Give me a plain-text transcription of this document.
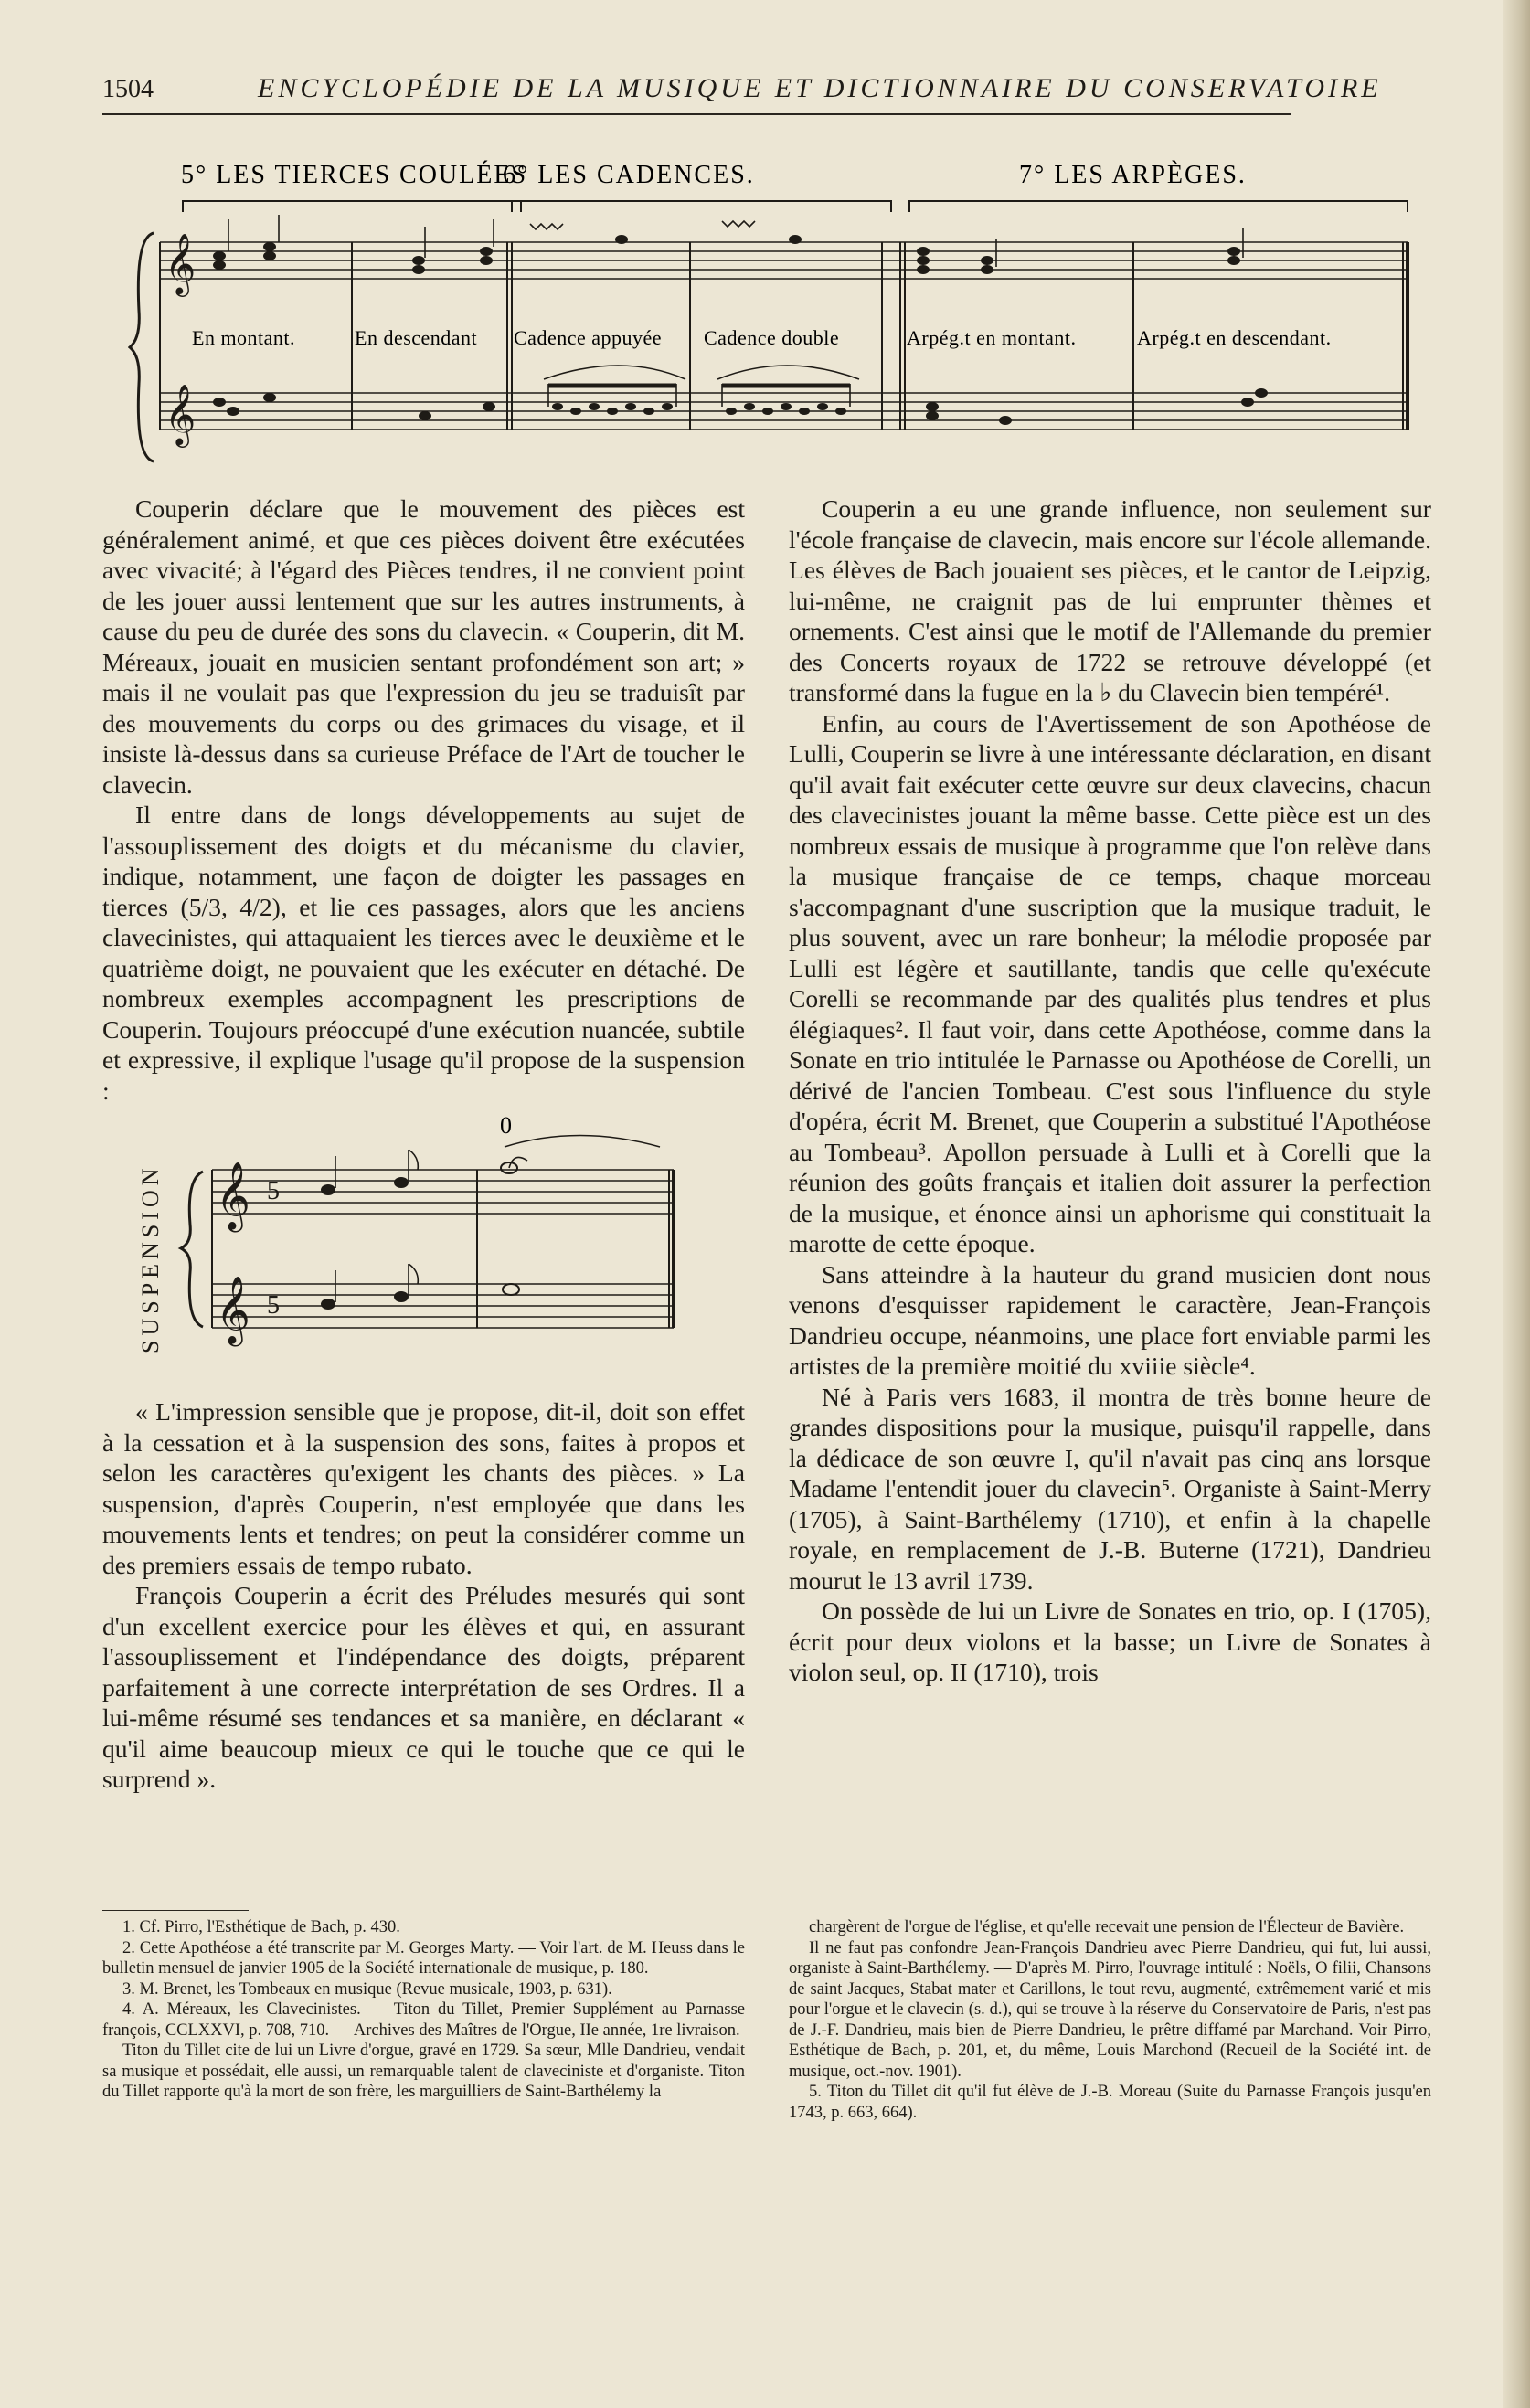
1504	ENCYCLOPÉDIE DE LA MUSIQUE ET DICTIONNAIRE DU CONSERVATOIRE
𝄞
𝄞
5° LES TIERCES COULÉES
6° LES CADENCES.	7° LES ARPÈGES.
En montant.	En descendant Cadence appuyée Cadence double	Arpég.t en montant.	Arpég.t en descendant.

Couperin déclare que le mouvement des pièces est généralement animé, et que ces pièces doivent être exécutées avec vivacité; à l'égard des Pièces tendres, il ne convient point de les jouer aussi lentement que sur les autres instruments, à cause du peu de durée des sons du clavecin. « Couperin, dit M. Méreaux, jouait en musicien sentant profondément son art; » mais il ne voulait pas que l'expression du jeu se traduisît par des mouvements du corps ou des grimaces du visage, et il insiste là-dessus dans sa curieuse Préface de l'Art de toucher le clavecin.

Il entre dans de longs développements au sujet de l'assouplissement des doigts et du mécanisme du clavier, indique, notamment, une façon de doigter les passages en tierces (5/3, 4/2), et lie ces passages, alors que les anciens clavecinistes, qui attaquaient les tierces avec le deuxième et le quatrième doigt, ne pouvaient que les exécuter en détaché. De nombreux exemples accompagnent les prescriptions de Couperin. Toujours préoccupé d'une exécution nuancée, subtile et expressive, il explique l'usage qu'il propose de la suspension :

SUSPENSION 𝄞
𝄞
5
5
0

« L'impression sensible que je propose, dit-il, doit son effet à la cessation et à la suspension des sons, faites à propos et selon les caractères qu'exigent les chants des pièces. » La suspension, d'après Couperin, n'est employée que dans les mouvements lents et tendres; on peut la considérer comme un des premiers essais de tempo rubato.

François Couperin a écrit des Préludes mesurés qui sont d'un excellent exercice pour les élèves et qui, en assurant l'assouplissement et l'indépendance des doigts, préparent parfaitement à une correcte interprétation de ses Ordres. Il a lui-même résumé ses tendances et sa manière, en déclarant « qu'il aime beaucoup mieux ce qui le touche que ce qui le surprend ».

Couperin a eu une grande influence, non seulement sur l'école française de clavecin, mais encore sur l'école allemande. Les élèves de Bach jouaient ses pièces, et le cantor de Leipzig, lui-même, ne craignit pas de lui emprunter thèmes et ornements. C'est ainsi que le motif de l'Allemande du premier des Concerts royaux de 1722 se retrouve développé (et transformé dans la fugue en la ♭ du Clavecin bien tempéré¹.

Enfin, au cours de l'Avertissement de son Apothéose de Lulli, Couperin se livre à une intéressante déclaration, en disant qu'il avait fait exécuter cette œuvre sur deux clavecins, chacun des clavecinistes jouant la même basse. Cette pièce est un des nombreux essais de musique à programme que l'on relève dans la musique française de ce temps, chaque morceau s'accompagnant d'une suscription que la musique traduit, le plus souvent, avec un rare bonheur; la mélodie proposée par Lulli est légère et sautillante, tandis que celle qu'exécute Corelli se recommande par des qualités plus tendres et plus élégiaques². Il faut voir, dans cette Apothéose, comme dans la Sonate en trio intitulée le Parnasse ou Apothéose de Corelli, un dérivé de l'ancien Tombeau. C'est sous l'influence du style d'opéra, écrit M. Brenet, que Couperin a substitué l'Apothéose au Tombeau³. Apollon persuade à Lulli et à Corelli que la réunion des goûts français et italien doit assurer la perfection de la musique, et énonce ainsi un aphorisme qui constituait la marotte de cette époque.

Sans atteindre à la hauteur du grand musicien dont nous venons d'esquisser rapidement le caractère, Jean-François Dandrieu occupe, néanmoins, une place fort enviable parmi les artistes de la première moitié du xviiie siècle⁴.

Né à Paris vers 1683, il montra de très bonne heure de grandes dispositions pour la musique, puisqu'il rappelle, dans la dédicace de son œuvre I, qu'il n'avait pas cinq ans lorsque Madame l'entendit jouer du clavecin⁵. Organiste à Saint-Merry (1705), à Saint-Barthélemy (1710), et enfin à la chapelle royale, en remplacement de J.-B. Buterne (1721), Dandrieu mourut le 13 avril 1739.

On possède de lui un Livre de Sonates en trio, op. I (1705), écrit pour deux violons et la basse; un Livre de Sonates à violon seul, op. II (1710), trois

1. Cf. Pirro, l'Esthétique de Bach, p. 430.

2. Cette Apothéose a été transcrite par M. Georges Marty. — Voir l'art. de M. Heuss dans le bulletin mensuel de janvier 1905 de la Société internationale de musique, p. 180.

3. M. Brenet, les Tombeaux en musique (Revue musicale, 1903, p. 631).

4. A. Méreaux, les Clavecinistes. — Titon du Tillet, Premier Supplément au Parnasse françois, CCLXXVI, p. 708, 710. — Archives des Maîtres de l'Orgue, IIe année, 1re livraison.

Titon du Tillet cite de lui un Livre d'orgue, gravé en 1729. Sa sœur, Mlle Dandrieu, vendait sa musique et possédait, elle aussi, un remarquable talent de claveciniste et d'organiste. Titon du Tillet rapporte qu'à la mort de son frère, les marguilliers de Saint-Barthélemy la

chargèrent de l'orgue de l'église, et qu'elle recevait une pension de l'Électeur de Bavière.

Il ne faut pas confondre Jean-François Dandrieu avec Pierre Dandrieu, qui fut, lui aussi, organiste à Saint-Barthélemy. — D'après M. Pirro, l'ouvrage intitulé : Noëls, O filii, Chansons de saint Jacques, Stabat mater et Carillons, le tout revu, augmenté, extrêmement varié et mis pour l'orgue et le clavecin (s. d.), qui se trouve à la réserve du Conservatoire de Paris, n'est pas de J.-F. Dandrieu, mais bien de Pierre Dandrieu, le prêtre diffamé par Marchand. Voir Pirro, Esthétique de Bach, p. 201, et, du même, Louis Marchond (Recueil de la Société int. de musique, oct.-nov. 1901).

5. Titon du Tillet dit qu'il fut élève de J.-B. Moreau (Suite du Parnasse François jusqu'en 1743, p. 663, 664).
